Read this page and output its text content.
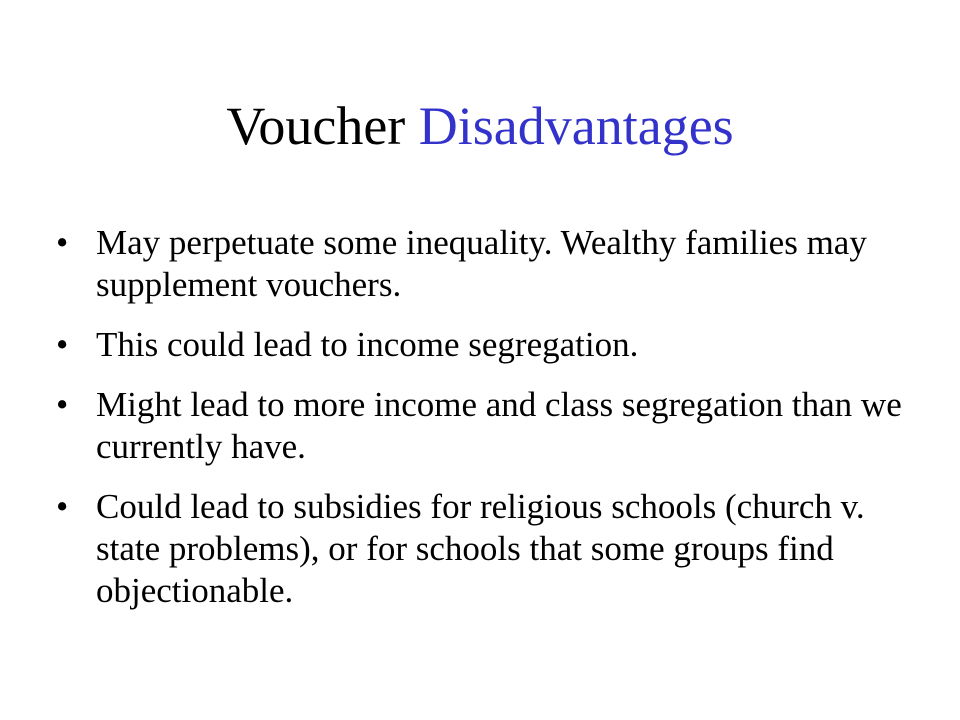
Voucher Disadvantages
• May perpetuate some inequality. Wealthy families may supplement vouchers.
• This could lead to income segregation.
• Might lead to more income and class segregation than we currently have.
• Could lead to subsidies for religious schools (church v. state problems), or for schools that some groups find objectionable.
